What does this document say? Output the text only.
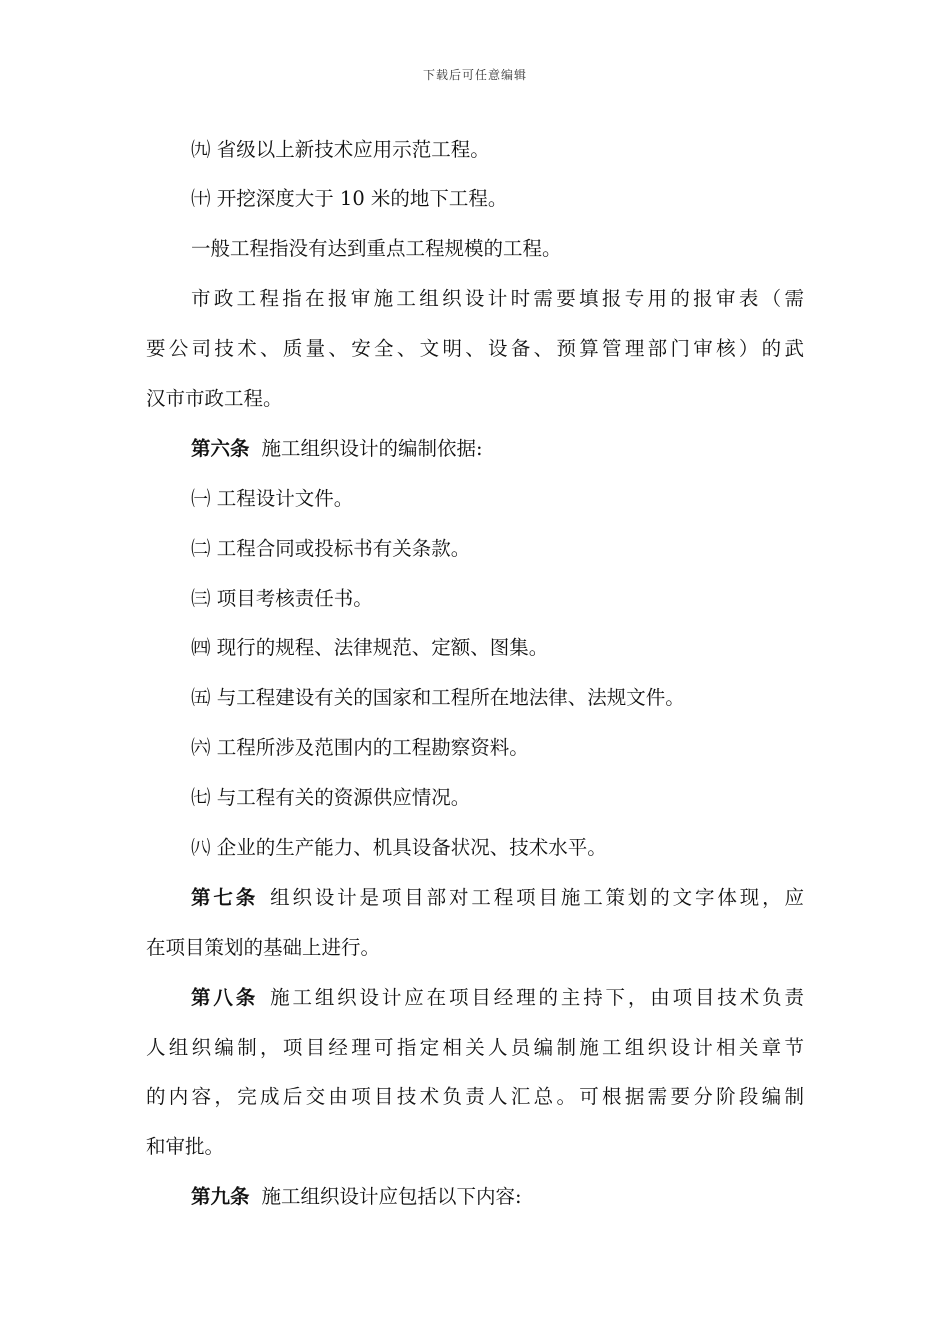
下载后可任意编辑
㈨ 省级以上新技术应用示范工程。
㈩ 开挖深度大于 10 米的地下工程。
一般工程指没有达到重点工程规模的工程。
市政工程指在报审施工组织设计时需要填报专用的报审表（需
要公司技术、质量、安全、文明、设备、预算管理部门审核）的武
汉市市政工程。
第六条 施工组织设计的编制依据:
㈠ 工程设计文件。
㈡ 工程合同或投标书有关条款。
㈢ 项目考核责任书。
㈣ 现行的规程、法律规范、定额、图集。
㈤ 与工程建设有关的国家和工程所在地法律、法规文件。
㈥ 工程所涉及范围内的工程勘察资料。
㈦ 与工程有关的资源供应情况。
㈧ 企业的生产能力、机具设备状况、技术水平。
第七条 组织设计是项目部对工程项目施工策划的文字体现，应
在项目策划的基础上进行。
第八条 施工组织设计应在项目经理的主持下，由项目技术负责
人组织编制，项目经理可指定相关人员编制施工组织设计相关章节
的内容，完成后交由项目技术负责人汇总。可根据需要分阶段编制
和审批。
第九条 施工组织设计应包括以下内容:
